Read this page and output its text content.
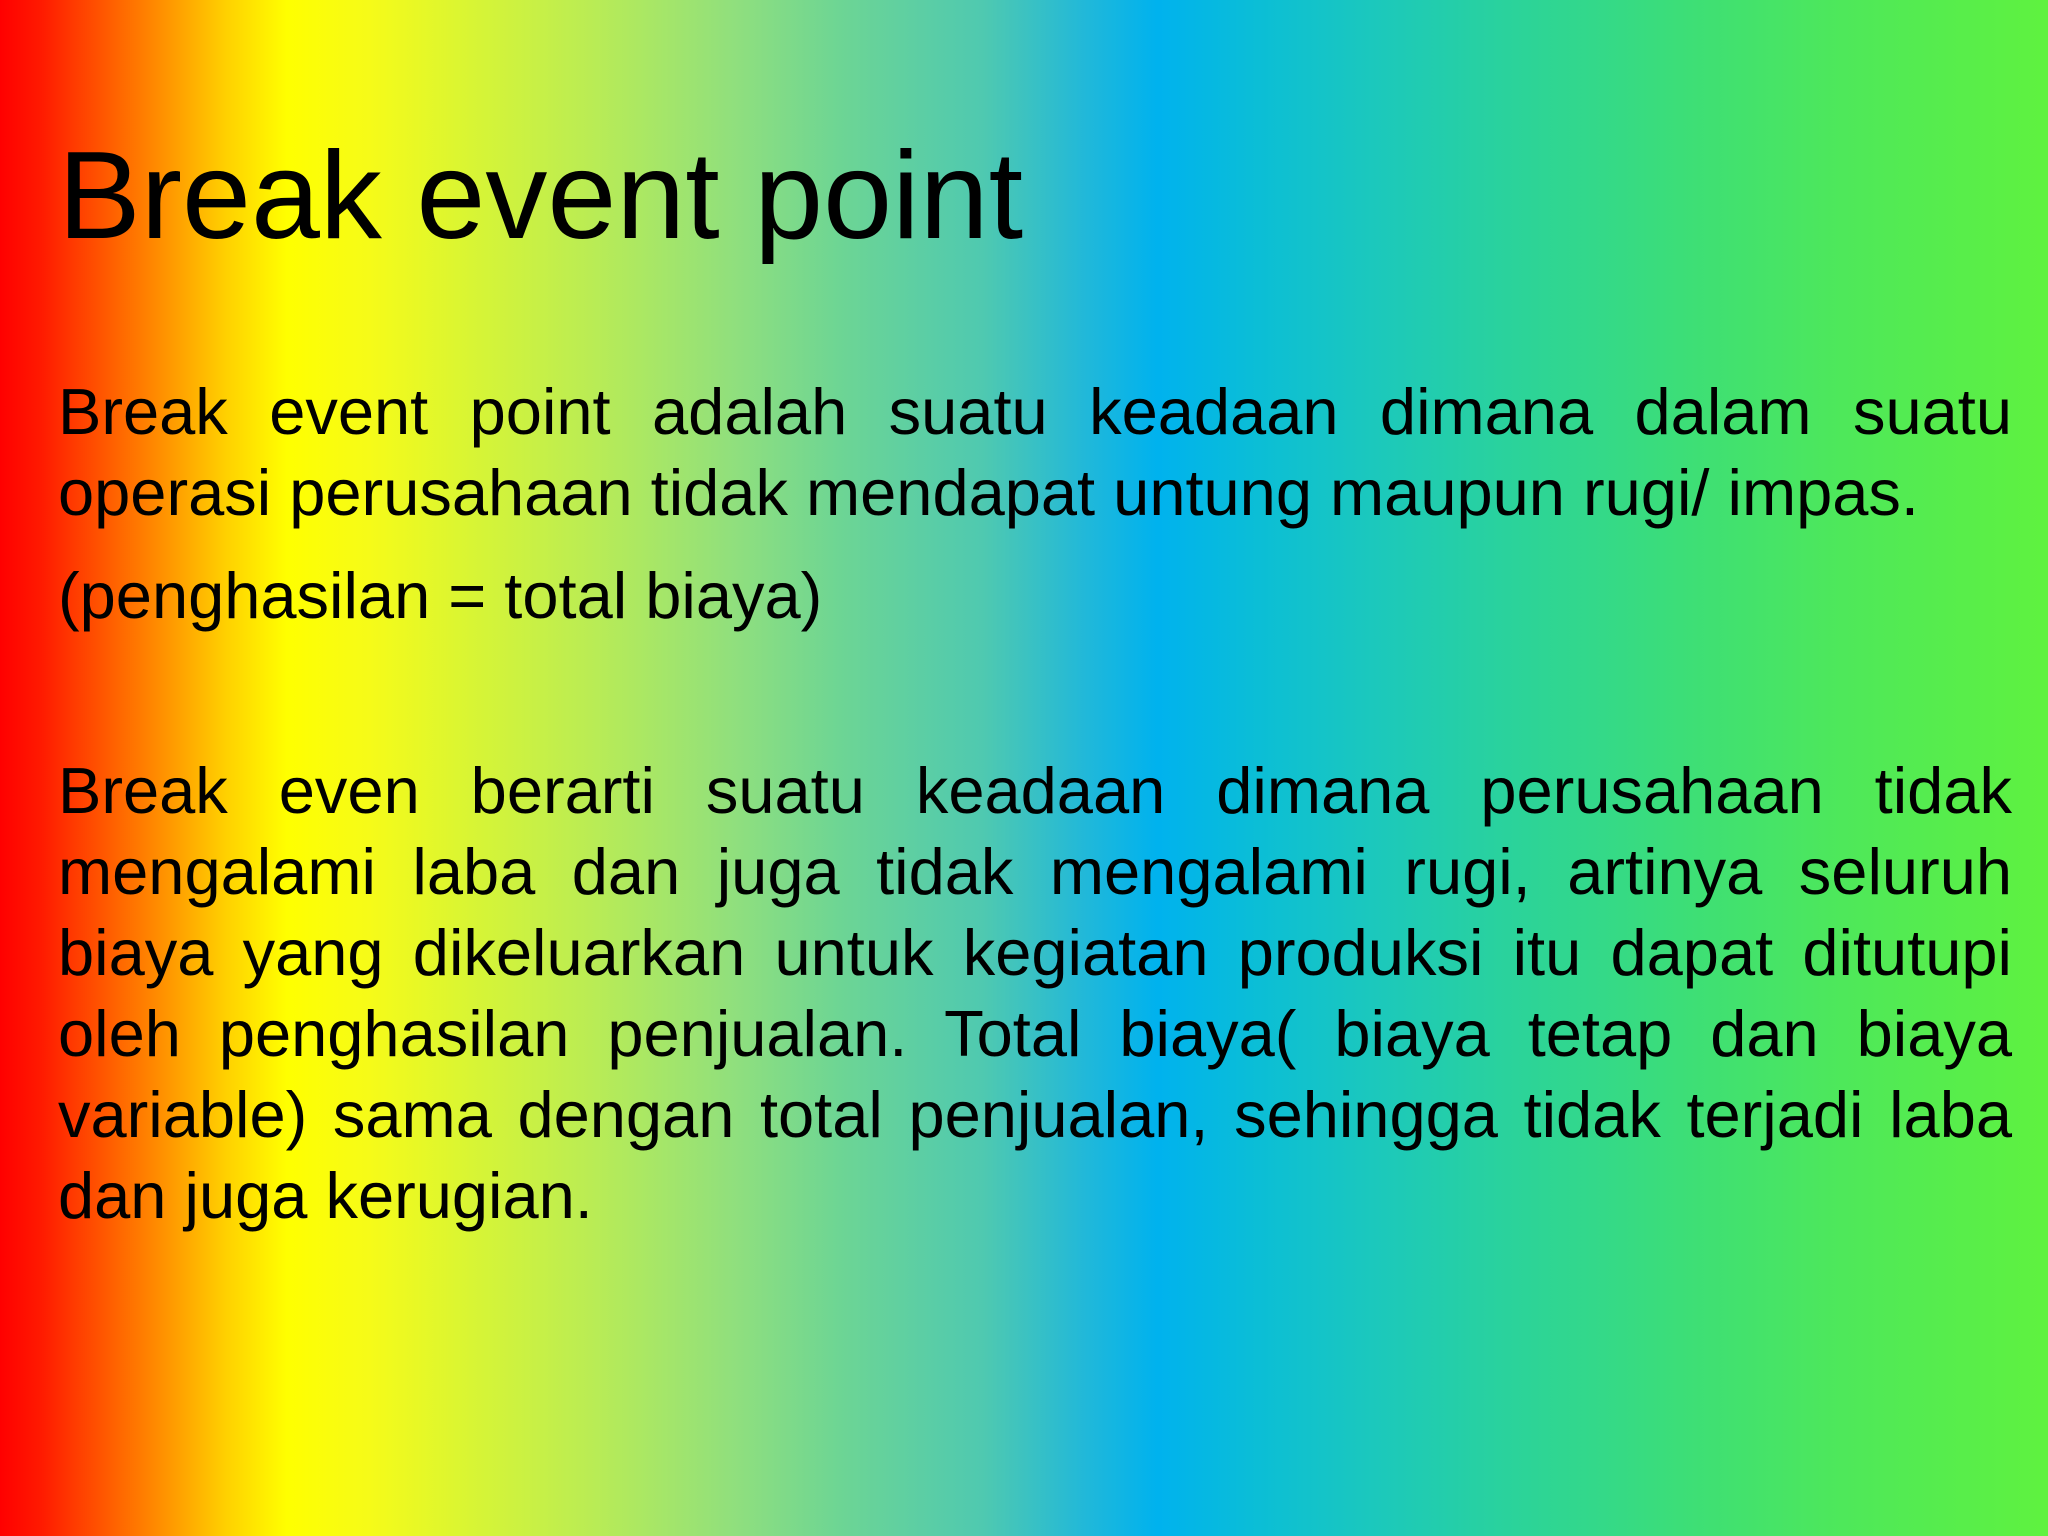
Break event point

Break event point adalah suatu keadaan dimana dalam suatu operasi perusahaan tidak mendapat untung maupun rugi/ impas.

(penghasilan = total biaya)

Break even berarti suatu keadaan dimana perusahaan tidak mengalami laba dan juga tidak mengalami rugi, artinya seluruh biaya yang dikeluarkan untuk kegiatan produksi itu dapat ditutupi oleh penghasilan penjualan. Total biaya( biaya tetap dan biaya variable) sama dengan total penjualan, sehingga tidak terjadi laba dan juga kerugian.
